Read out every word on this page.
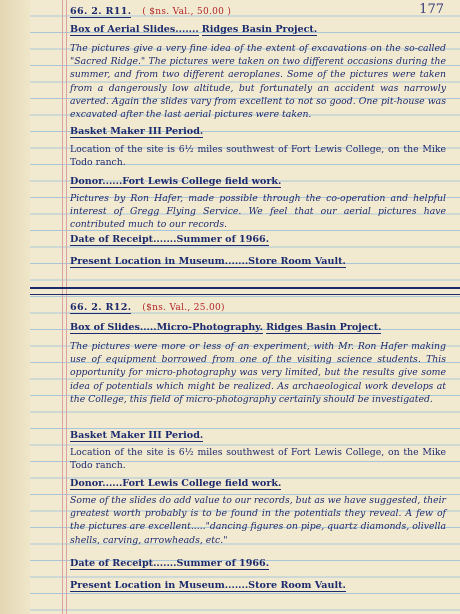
177
66. 2. R11. ( $ns. Val., 50.00 )
Box of Aerial Slides....... Ridges Basin Project.
The pictures give a very fine idea of the extent of excavations on the so-called "Sacred Ridge." The pictures were taken on two different occasions during the summer, and from two different aeroplanes. Some of the pictures were taken from a dangerously low altitude, but fortunately an accident was narrowly averted. Again the slides vary from excellent to not so good. One pit-house was excavated after the last aerial pictures were taken.
Basket Maker III Period.
Location of the site is 6½ miles southwest of Fort Lewis College, on the Mike Todo ranch.
Donor......Fort Lewis College field work.
Pictures by Ron Hafer, made possible through the co-operation and helpful interest of Gregg Flying Service. We feel that our aerial pictures have contributed much to our records.
Date of Receipt.......Summer of 1966.
Present Location in Museum.......Store Room Vault.
66. 2. R12. ($ns. Val., 25.00)
Box of Slides.....Micro-Photography. Ridges Basin Project.
The pictures were more or less of an experiment, with Mr. Ron Hafer making use of equipment borrowed from one of the visiting science students. This opportunity for micro-photography was very limited, but the results give some idea of potentials which might be realized. As archaeological work develops at the College, this field of micro-photography certainly should be investigated.
Basket Maker III Period.
Location of the site is 6½ miles southwest of Fort Lewis College, on the Mike Todo ranch.
Donor......Fort Lewis College field work.
Some of the slides do add value to our records, but as we have suggested, their greatest worth probably is to be found in the potentials they reveal. A few of the pictures are excellent....."dancing figures on pipe, quartz diamonds, olivella shells, carving, arrowheads, etc."
Date of Receipt.......Summer of 1966.
Present Location in Museum.......Store Room Vault.
